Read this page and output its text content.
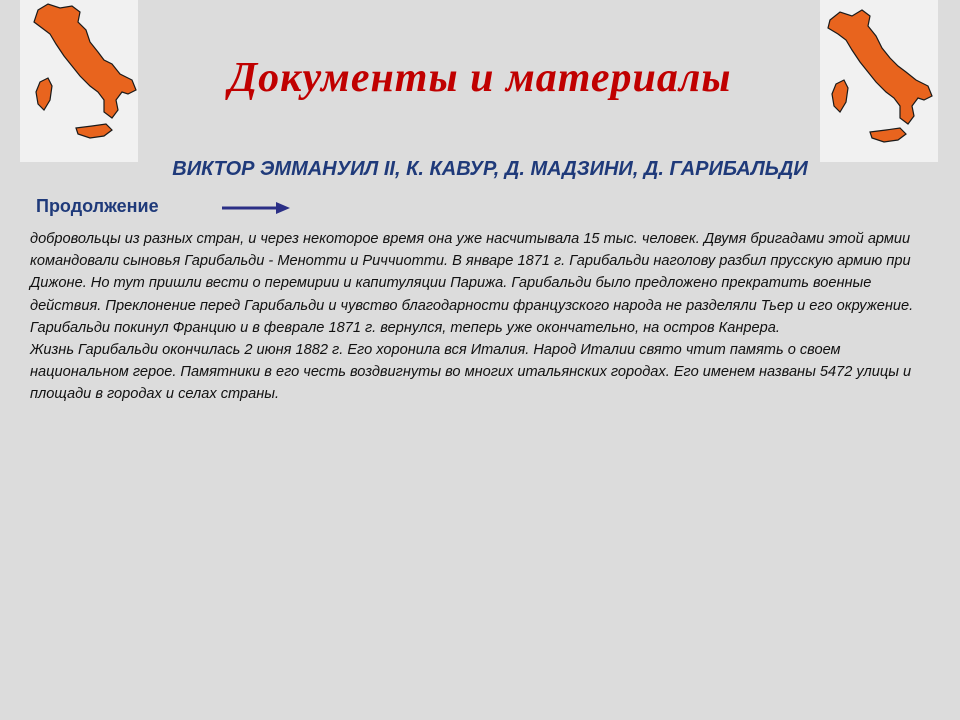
Документы и материалы
ВИКТОР ЭММАНУИЛ II, К. КАВУР, Д. МАДЗИНИ, Д. ГАРИБАЛЬДИ
Продолжение

добровольцы из разных стран, и через некоторое время она уже насчитывала 15 тыс. человек. Двумя бригадами этой армии командовали сыновья Гарибальди - Менотти и Риччиотти. В январе 1871 г. Гарибальди наголову разбил прусскую армию при Дижоне. Но тут пришли вести о перемирии и капитуляции Парижа. Гарибальди было предложено прекратить военные действия. Преклонение перед Гарибальди и чувство благодарности французского народа не разделяли Тьер и его окружение. Гарибальди покинул Францию и в феврале 1871 г. вернулся, теперь уже окончательно, на остров Канрера.

Жизнь Гарибальди окончилась 2 июня 1882 г. Его хоронила вся Италия. Народ Италии свято чтит память о своем национальном герое. Памятники в его честь воздвигнуты во многих итальянских городах. Его именем названы 5472 улицы и площади в городах и селах страны.
